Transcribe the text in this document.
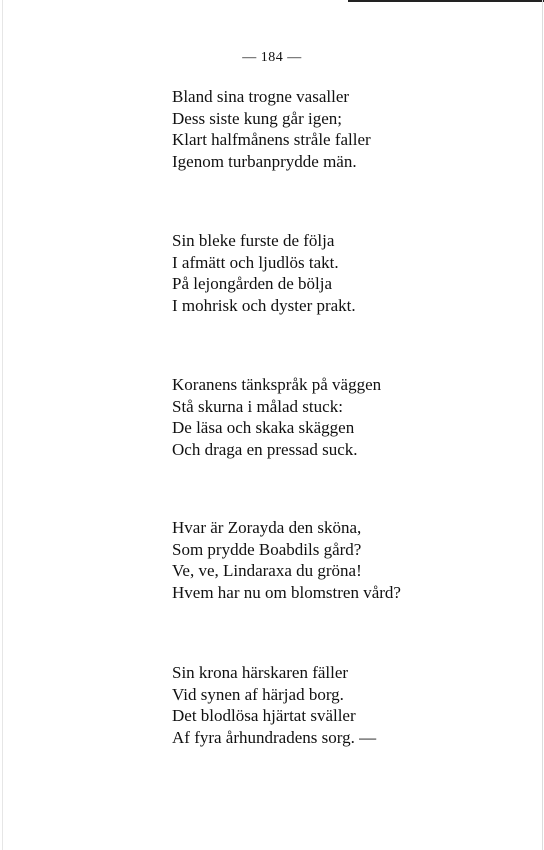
— 184 —

Bland sina trogne vasaller
Dess siste kung går igen;
Klart halfmånens stråle faller
Igenom turbanprydde män.

Sin bleke furste de följa
I afmätt och ljudlös takt.
På lejongården de bölja
I mohrisk och dyster prakt.

Koranens tänkspråk på väggen
Stå skurna i målad stuck:
De läsa och skaka skäggen
Och draga en pressad suck.

Hvar är Zorayda den sköna,
Som prydde Boabdils gård?
Ve, ve, Lindaraxa du gröna!
Hvem har nu om blomstren vård?

Sin krona härskaren fäller
Vid synen af härjad borg.
Det blodlösa hjärtat sväller
Af fyra århundradens sorg. —
